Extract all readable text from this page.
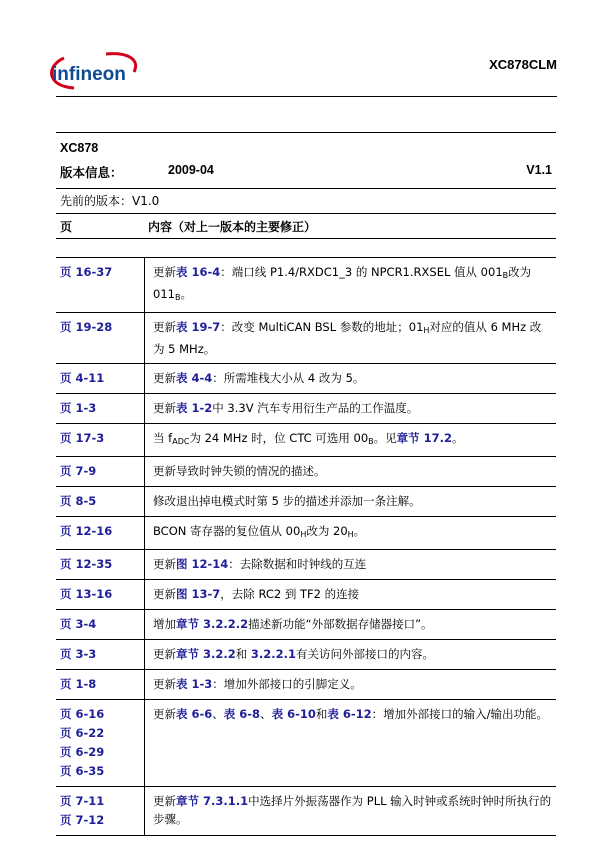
infineon	XC878CLM
XC878
版本信息：	2009-04	V1.1
先前的版本：V1.0
页	内容（对上一版本的主要修正）
页 16-37	更新表 16-4：端口线 P1.4/RXDC1_3 的 NPCR1.RXSEL 值从 $001_B$改为 $011_B$。

页 19-28	更新表 19-7：改变 MultiCAN BSL 参数的地址；$01_H$对应的值从 6 MHz 改为 5 MHz。

页 4-11	更新表 4-4：所需堆栈大小从 4 改为 5。

页 1-3	更新表 1-2中 3.3V 汽车专用衍生产品的工作温度。

页 17-3	当 $f_{ADC}$为 24 MHz 时，位 CTC 可选用 $00_B$。见章节 17.2。

页 7-9	更新导致时钟失锁的情况的描述。

页 8-5	修改退出掉电模式时第 5 步的描述并添加一条注解。

页 12-16	BCON 寄存器的复位值从 $00_H$改为 $20_H$。

页 12-35	更新图 12-14：去除数据和时钟线的互连

页 13-16	更新图 13-7，去除 RC2 到 TF2 的连接

页 3-4	增加章节 3.2.2.2描述新功能“外部数据存储器接口”。

页 3-3	更新章节 3.2.2和 3.2.2.1有关访问外部接口的内容。

页 1-8	更新表 1-3：增加外部接口的引脚定义。

页 6-16
页 6-22
页 6-29
页 6-35	更新表 6-6、表 6-8、表 6-10和表 6-12：增加外部接口的输入/输出功能。

页 7-11
页 7-12	更新章节 7.3.1.1中选择片外振荡器作为 PLL 输入时钟或系统时钟时所执行的步骤。
